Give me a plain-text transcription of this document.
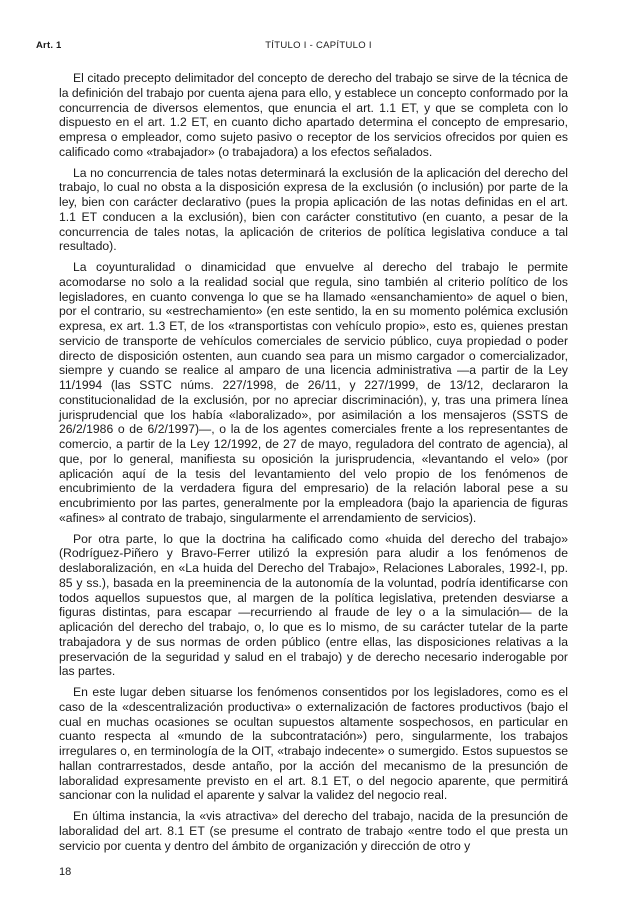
Art. 1	TÍTULO I - CAPÍTULO I

El citado precepto delimitador del concepto de derecho del trabajo se sirve de la técnica de la definición del trabajo por cuenta ajena para ello, y establece un concepto conformado por la concurrencia de diversos elementos, que enuncia el art. 1.1 ET, y que se completa con lo dispuesto en el art. 1.2 ET, en cuanto dicho apartado determina el concepto de empresario, empresa o empleador, como sujeto pasivo o receptor de los servicios ofrecidos por quien es calificado como «trabajador» (o trabajadora) a los efectos señalados.

La no concurrencia de tales notas determinará la exclusión de la aplicación del derecho del trabajo, lo cual no obsta a la disposición expresa de la exclusión (o inclusión) por parte de la ley, bien con carácter declarativo (pues la propia aplicación de las notas definidas en el art. 1.1 ET conducen a la exclusión), bien con carácter constitutivo (en cuanto, a pesar de la concurrencia de tales notas, la aplicación de criterios de política legislativa conduce a tal resultado).

La coyunturalidad o dinamicidad que envuelve al derecho del trabajo le permite acomodarse no solo a la realidad social que regula, sino también al criterio político de los legisladores, en cuanto convenga lo que se ha llamado «ensanchamiento» de aquel o bien, por el contrario, su «estrechamiento» (en este sentido, la en su momento polémica exclusión expresa, ex art. 1.3 ET, de los «transportistas con vehículo propio», esto es, quienes prestan servicio de transporte de vehículos comerciales de servicio público, cuya propiedad o poder directo de disposición ostenten, aun cuando sea para un mismo cargador o comercializador, siempre y cuando se realice al amparo de una licencia administrativa —a partir de la Ley 11/1994 (las SSTC núms. 227/1998, de 26/11, y 227/1999, de 13/12, declararon la constitucionalidad de la exclusión, por no apreciar discriminación), y, tras una primera línea jurisprudencial que los había «laboralizado», por asimilación a los mensajeros (SSTS de 26/2/1986 o de 6/2/1997)—, o la de los agentes comerciales frente a los representantes de comercio, a partir de la Ley 12/1992, de 27 de mayo, reguladora del contrato de agencia), al que, por lo general, manifiesta su oposición la jurisprudencia, «levantando el velo» (por aplicación aquí de la tesis del levantamiento del velo propio de los fenómenos de encubrimiento de la verdadera figura del empresario) de la relación laboral pese a su encubrimiento por las partes, generalmente por la empleadora (bajo la apariencia de figuras «afines» al contrato de trabajo, singularmente el arrendamiento de servicios).

Por otra parte, lo que la doctrina ha calificado como «huida del derecho del trabajo» (Rodríguez-Piñero y Bravo-Ferrer utilizó la expresión para aludir a los fenómenos de deslaboralización, en «La huida del Derecho del Trabajo», Relaciones Laborales, 1992-I, pp. 85 y ss.), basada en la preeminencia de la autonomía de la voluntad, podría identificarse con todos aquellos supuestos que, al margen de la política legislativa, pretenden desviarse a figuras distintas, para escapar —recurriendo al fraude de ley o a la simulación— de la aplicación del derecho del trabajo, o, lo que es lo mismo, de su carácter tutelar de la parte trabajadora y de sus normas de orden público (entre ellas, las disposiciones relativas a la preservación de la seguridad y salud en el trabajo) y de derecho necesario inderogable por las partes.

En este lugar deben situarse los fenómenos consentidos por los legisladores, como es el caso de la «descentralización productiva» o externalización de factores productivos (bajo el cual en muchas ocasiones se ocultan supuestos altamente sospechosos, en particular en cuanto respecta al «mundo de la subcontratación») pero, singularmente, los trabajos irregulares o, en terminología de la OIT, «trabajo indecente» o sumergido. Estos supuestos se hallan contrarrestados, desde antaño, por la acción del mecanismo de la presunción de laboralidad expresamente previsto en el art. 8.1 ET, o del negocio aparente, que permitirá sancionar con la nulidad el aparente y salvar la validez del negocio real.

En última instancia, la «vis atractiva» del derecho del trabajo, nacida de la presunción de laboralidad del art. 8.1 ET (se presume el contrato de trabajo «entre todo el que presta un servicio por cuenta y dentro del ámbito de organización y dirección de otro y

18
